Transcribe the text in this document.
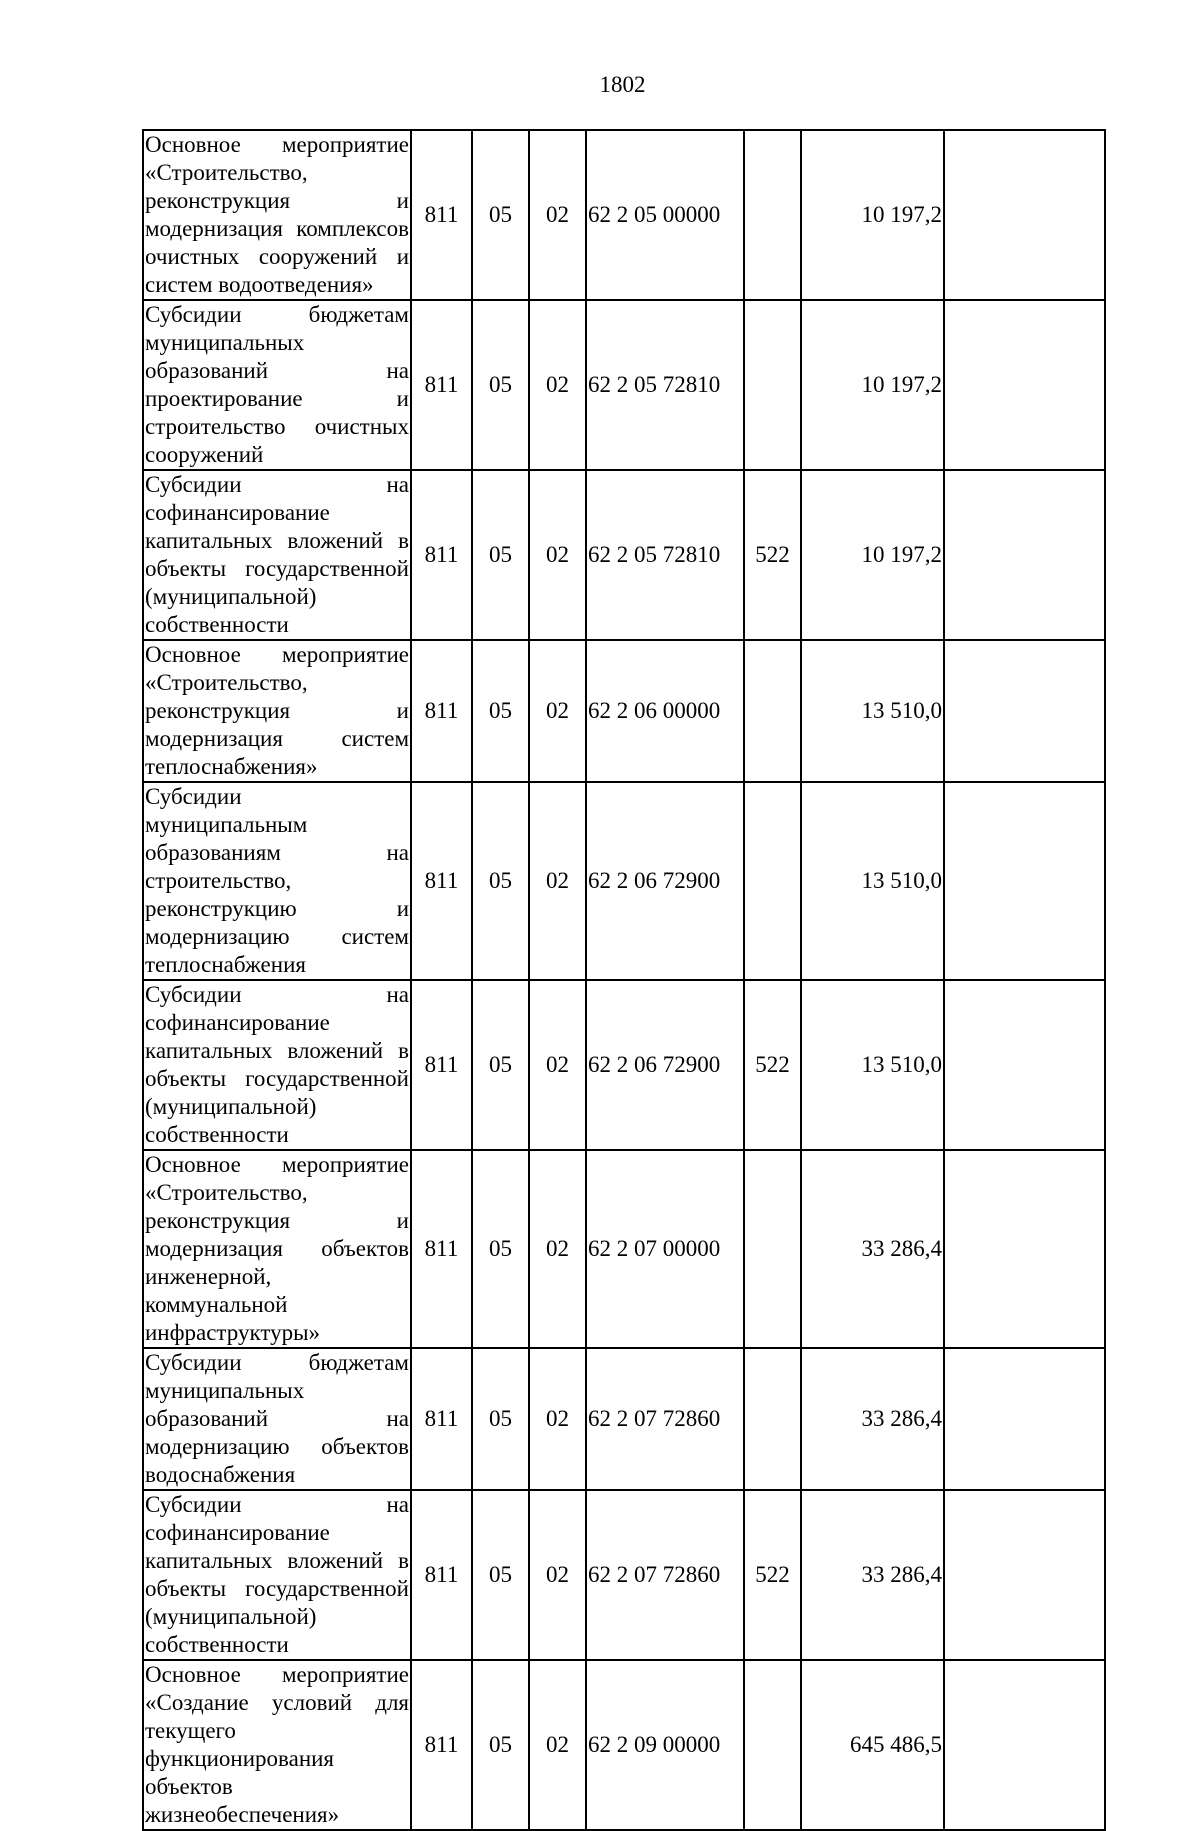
1802
Основное мероприятие «Строительство, реконструкция и модернизация комплексов очистных сооружений и систем водоотведения»	811	05	02	62 2 05 00000		10 197,2	
Субсидии бюджетам муниципальных образований на проектирование и строительство очистных сооружений	811	05	02	62 2 05 72810		10 197,2	
Субсидии на софинансирование капитальных вложений в объекты государственной (муниципальной) собственности	811	05	02	62 2 05 72810	522	10 197,2	
Основное мероприятие «Строительство, реконструкция и модернизация систем теплоснабжения»	811	05	02	62 2 06 00000		13 510,0	
Субсидии муниципальным образованиям на строительство, реконструкцию и модернизацию систем теплоснабжения	811	05	02	62 2 06 72900		13 510,0	
Субсидии на софинансирование капитальных вложений в объекты государственной (муниципальной) собственности	811	05	02	62 2 06 72900	522	13 510,0	
Основное мероприятие «Строительство, реконструкция и модернизация объектов инженерной, коммунальной инфраструктуры»	811	05	02	62 2 07 00000		33 286,4	
Субсидии бюджетам муниципальных образований на модернизацию объектов водоснабжения	811	05	02	62 2 07 72860		33 286,4	
Субсидии на софинансирование капитальных вложений в объекты государственной (муниципальной) собственности	811	05	02	62 2 07 72860	522	33 286,4	
Основное мероприятие «Создание условий для текущего функционирования объектов жизнеобеспечения»	811	05	02	62 2 09 00000		645 486,5	
